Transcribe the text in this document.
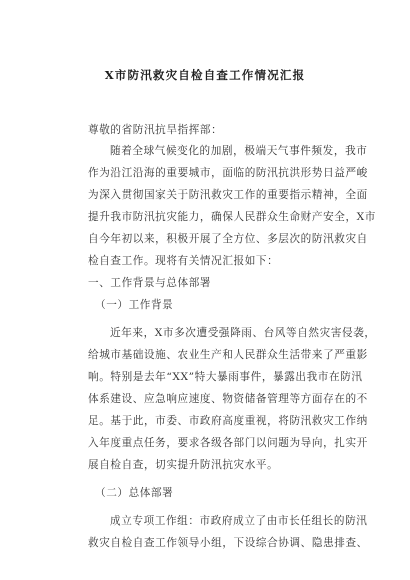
X市防汛救灾自检自查工作情况汇报
尊敬的省防汛抗旱指挥部：
随着全球气候变化的加剧，极端天气事件频发，我市
作为沿江沿海的重要城市，面临的防汛抗洪形势日益严峻
为深入贯彻国家关于防汛救灾工作的重要指示精神，全面
提升我市防汛抗灾能力，确保人民群众生命财产安全，X市
自今年初以来，积极开展了全方位、多层次的防汛救灾自
检自查工作。现将有关情况汇报如下：
一、工作背景与总体部署
（一）工作背景
近年来，X市多次遭受强降雨、台风等自然灾害侵袭，
给城市基础设施、农业生产和人民群众生活带来了严重影
响。特别是去年“XX”特大暴雨事件，暴露出我市在防汛
体系建设、应急响应速度、物资储备管理等方面存在的不
足。基于此，市委、市政府高度重视，将防汛救灾工作纳
入年度重点任务，要求各级各部门以问题为导向，扎实开
展自检自查，切实提升防汛抗灾水平。
（二）总体部署
成立专项工作组：市政府成立了由市长任组长的防汛
救灾自检自查工作领导小组，下设综合协调、隐患排查、
